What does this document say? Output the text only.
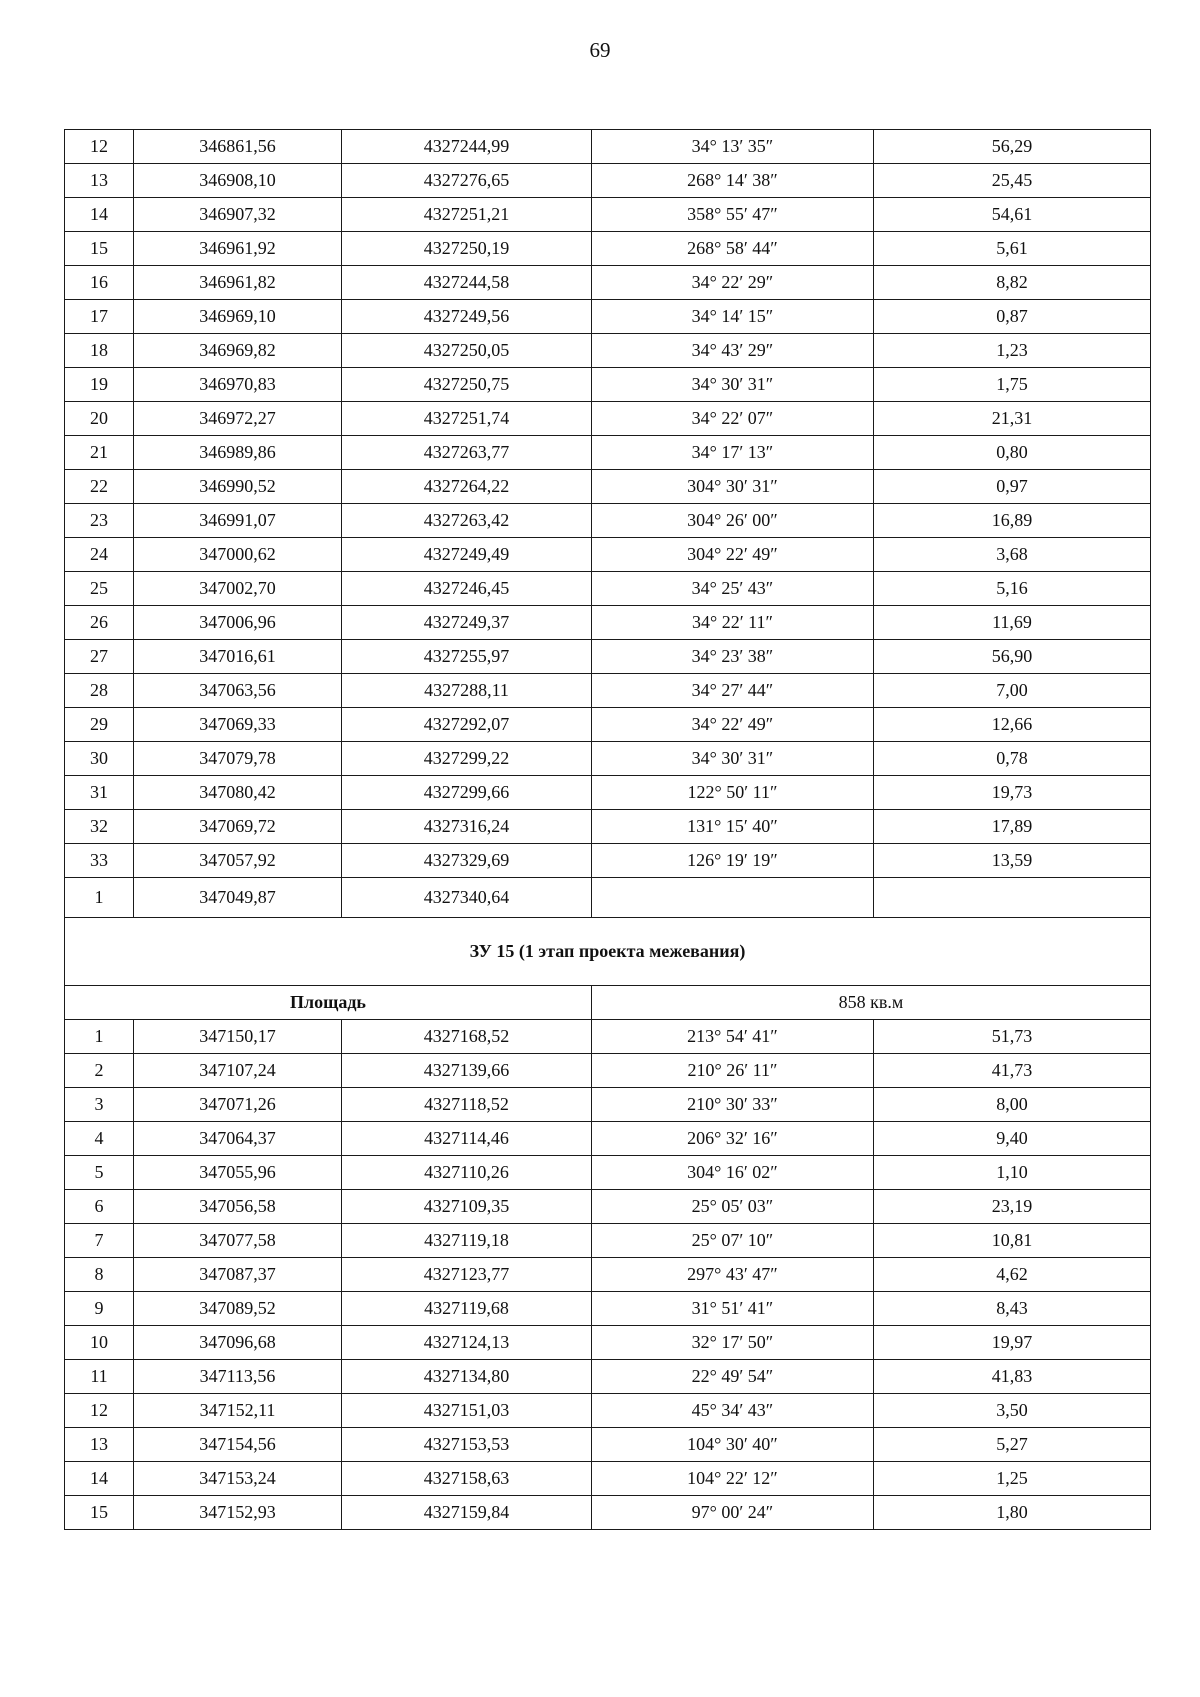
69
12	346861,56	4327244,99	34° 13′ 35″	56,29
13	346908,10	4327276,65	268° 14′ 38″	25,45
14	346907,32	4327251,21	358° 55′ 47″	54,61
15	346961,92	4327250,19	268° 58′ 44″	5,61
16	346961,82	4327244,58	34° 22′ 29″	8,82
17	346969,10	4327249,56	34° 14′ 15″	0,87
18	346969,82	4327250,05	34° 43′ 29″	1,23
19	346970,83	4327250,75	34° 30′ 31″	1,75
20	346972,27	4327251,74	34° 22′ 07″	21,31
21	346989,86	4327263,77	34° 17′ 13″	0,80
22	346990,52	4327264,22	304° 30′ 31″	0,97
23	346991,07	4327263,42	304° 26′ 00″	16,89
24	347000,62	4327249,49	304° 22′ 49″	3,68
25	347002,70	4327246,45	34° 25′ 43″	5,16
26	347006,96	4327249,37	34° 22′ 11″	11,69
27	347016,61	4327255,97	34° 23′ 38″	56,90
28	347063,56	4327288,11	34° 27′ 44″	7,00
29	347069,33	4327292,07	34° 22′ 49″	12,66
30	347079,78	4327299,22	34° 30′ 31″	0,78
31	347080,42	4327299,66	122° 50′ 11″	19,73
32	347069,72	4327316,24	131° 15′ 40″	17,89
33	347057,92	4327329,69	126° 19′ 19″	13,59
1	347049,87	4327340,64		
ЗУ 15 (1 этап проекта межевания)				
Площадь			858 кв.м	
1	347150,17	4327168,52	213° 54′ 41″	51,73
2	347107,24	4327139,66	210° 26′ 11″	41,73
3	347071,26	4327118,52	210° 30′ 33″	8,00
4	347064,37	4327114,46	206° 32′ 16″	9,40
5	347055,96	4327110,26	304° 16′ 02″	1,10
6	347056,58	4327109,35	25° 05′ 03″	23,19
7	347077,58	4327119,18	25° 07′ 10″	10,81
8	347087,37	4327123,77	297° 43′ 47″	4,62
9	347089,52	4327119,68	31° 51′ 41″	8,43
10	347096,68	4327124,13	32° 17′ 50″	19,97
11	347113,56	4327134,80	22° 49′ 54″	41,83
12	347152,11	4327151,03	45° 34′ 43″	3,50
13	347154,56	4327153,53	104° 30′ 40″	5,27
14	347153,24	4327158,63	104° 22′ 12″	1,25
15	347152,93	4327159,84	97° 00′ 24″	1,80
